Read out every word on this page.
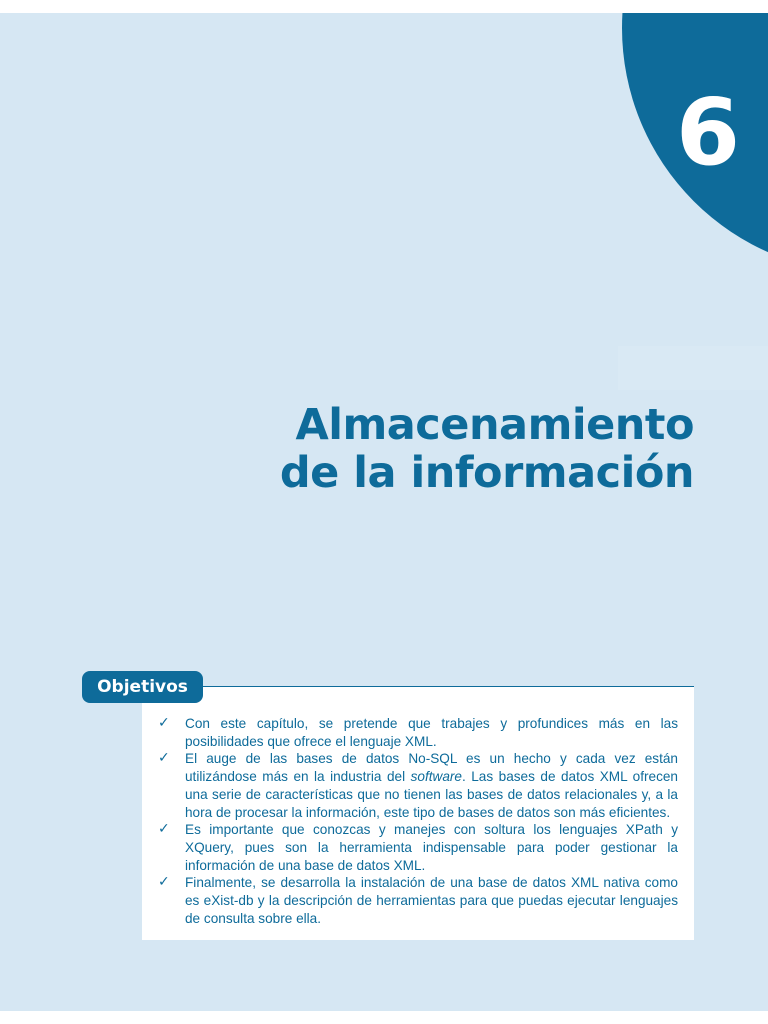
6
Almacenamiento
de la información
✓ Con este capítulo, se pretende que trabajes y profundices más en las posibilidades que ofrece el lenguaje XML.
✓ El auge de las bases de datos No-SQL es un hecho y cada vez están utilizándose más en la industria del software. Las bases de datos XML ofrecen una serie de características que no tienen las bases de datos relacionales y, a la hora de procesar la información, este tipo de bases de datos son más eficientes.
✓ Es importante que conozcas y manejes con soltura los lenguajes XPath y XQuery, pues son la herramienta indispensable para poder gestionar la información de una base de datos XML.
✓ Finalmente, se desarrolla la instalación de una base de datos XML nativa como es eXist-db y la descripción de herramientas para que puedas ejecutar lenguajes de consulta sobre ella.
Objetivos
